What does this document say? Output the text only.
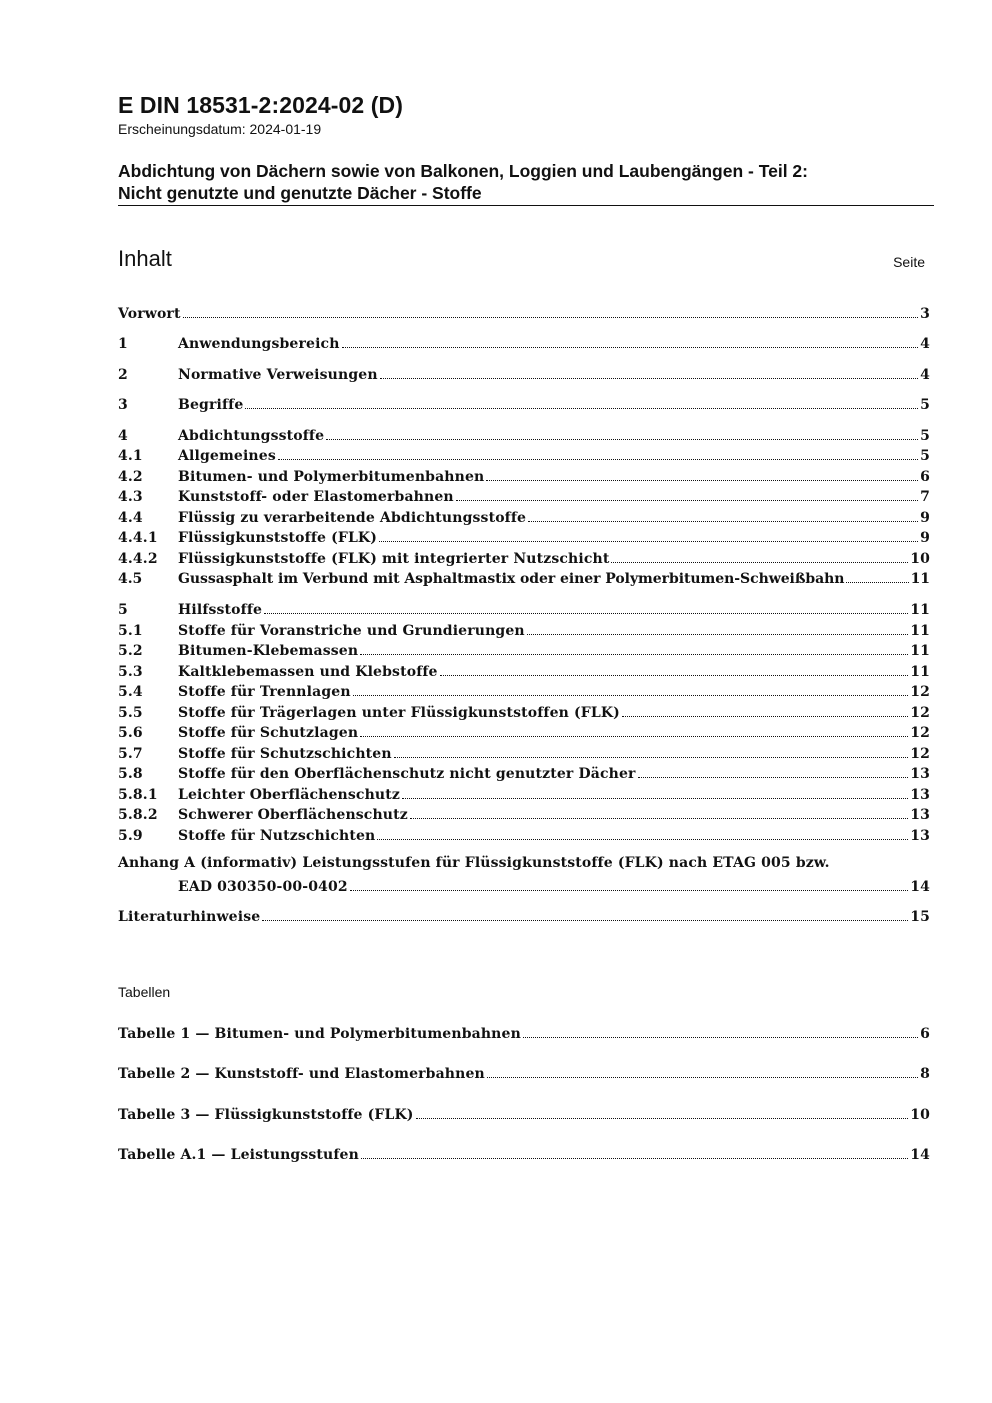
E DIN 18531-2:2024-02 (D)
Erscheinungsdatum: 2024-01-19
Abdichtung von Dächern sowie von Balkonen, Loggien und Laubengängen - Teil 2:
Nicht genutzte und genutzte Dächer - Stoffe
Inhalt	Seite
Vorwort	3
1	Anwendungsbereich	4
2	Normative Verweisungen	4
3	Begriffe	5
4	Abdichtungsstoffe	5
4.1	Allgemeines	5
4.2	Bitumen- und Polymerbitumenbahnen	6
4.3	Kunststoff- oder Elastomerbahnen	7
4.4	Flüssig zu verarbeitende Abdichtungsstoffe	9
4.4.1	Flüssigkunststoffe (FLK)	9
4.4.2	Flüssigkunststoffe (FLK) mit integrierter Nutzschicht	10
4.5	Gussasphalt im Verbund mit Asphaltmastix oder einer Polymerbitumen-Schweißbahn	11
5	Hilfsstoffe	11
5.1	Stoffe für Voranstriche und Grundierungen	11
5.2	Bitumen-Klebemassen	11
5.3	Kaltklebemassen und Klebstoffe	11
5.4	Stoffe für Trennlagen	12
5.5	Stoffe für Trägerlagen unter Flüssigkunststoffen (FLK)	12
5.6	Stoffe für Schutzlagen	12
5.7	Stoffe für Schutzschichten	12
5.8	Stoffe für den Oberflächenschutz nicht genutzter Dächer	13
5.8.1	Leichter Oberflächenschutz	13
5.8.2	Schwerer Oberflächenschutz	13
5.9	Stoffe für Nutzschichten	13
Anhang A (informativ) Leistungsstufen für Flüssigkunststoffe (FLK) nach ETAG 005 bzw.
EAD 030350-00-0402	14
Literaturhinweise	15
Tabellen
Tabelle 1 — Bitumen- und Polymerbitumenbahnen	6
Tabelle 2 — Kunststoff- und Elastomerbahnen	8
Tabelle 3 — Flüssigkunststoffe (FLK)	10
Tabelle A.1 — Leistungsstufen	14
